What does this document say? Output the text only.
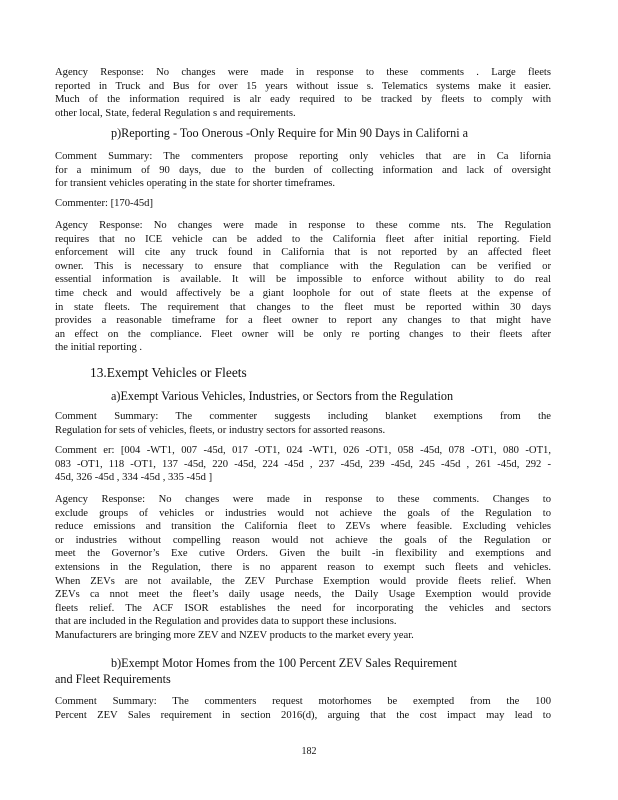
Agency Response: No changes were made in response to these comments . Large fleets
reported in Truck and Bus for over 15 years without issue s. Telematics systems make it easier.
Much of the information required is alr eady required to be tracked by fleets to comply with
other local, State, federal Regulation s and requirements.
p)Reporting - Too Onerous -Only Require for Min 90 Days in Californi a
Comment Summary: The commenters propose reporting only vehicles that are in Ca lifornia
for a minimum of 90 days, due to the burden of collecting information and lack of oversight
for transient vehicles operating in the state for shorter timeframes.
Commenter: [170-45d]
Agency Response: No changes were made in response to these comme nts. The Regulation
requires that no ICE vehicle can be added to the California fleet after initial reporting. Field
enforcement will cite any truck found in California that is not reported by an affected fleet
owner. This is necessary to ensure that compliance with the Regulation can be verified or
essential information is available. It will be impossible to enforce without ability to do real
time check and would affectively be a giant loophole for out of state fleets at the expense of
in state fleets. The requirement that changes to the fleet must be reported within 30 days
provides a reasonable timeframe for a fleet owner to report any changes to that might have
an effect on the compliance. Fleet owner will be only re porting changes to their fleets after
the initial reporting .
13.Exempt Vehicles or Fleets
a)Exempt Various Vehicles, Industries, or Sectors from the Regulation
Comment Summary: The commenter suggests including blanket exemptions from the
Regulation for sets of vehicles, fleets, or industry sectors for assorted reasons.
Comment er: [004 -WT1, 007 -45d, 017 -OT1, 024 -WT1, 026 -OT1, 058 -45d, 078 -OT1, 080 -OT1,
083 -OT1, 118 -OT1, 137 -45d, 220 -45d, 224 -45d , 237 -45d, 239 -45d, 245 -45d , 261 -45d, 292 -
45d, 326 -45d , 334 -45d , 335 -45d ]
Agency Response: No changes were made in response to these comments. Changes to
exclude groups of vehicles or industries would not achieve the goals of the Regulation to
reduce emissions and transition the California fleet to ZEVs where feasible. Excluding vehicles
or industries without compelling reason would not achieve the goals of the Regulation or
meet the Governor’s Exe cutive Orders. Given the built -in flexibility and exemptions and
extensions in the Regulation, there is no apparent reason to exempt such fleets and vehicles.
When ZEVs are not available, the ZEV Purchase Exemption would provide fleets relief. When
ZEVs ca nnot meet the fleet’s daily usage needs, the Daily Usage Exemption would provide
fleets relief. The ACF ISOR establishes the need for incorporating the vehicles and sectors
that are included in the Regulation and provides data to support these inclusions.
Manufacturers are bringing more ZEV and NZEV products to the market every year.
b)Exempt Motor Homes from the 100 Percent ZEV Sales Requirement
and Fleet Requirements
Comment Summary: The commenters request motorhomes be exempted from the 100
Percent ZEV Sales requirement in section 2016(d), arguing that the cost impact may lead to
182
